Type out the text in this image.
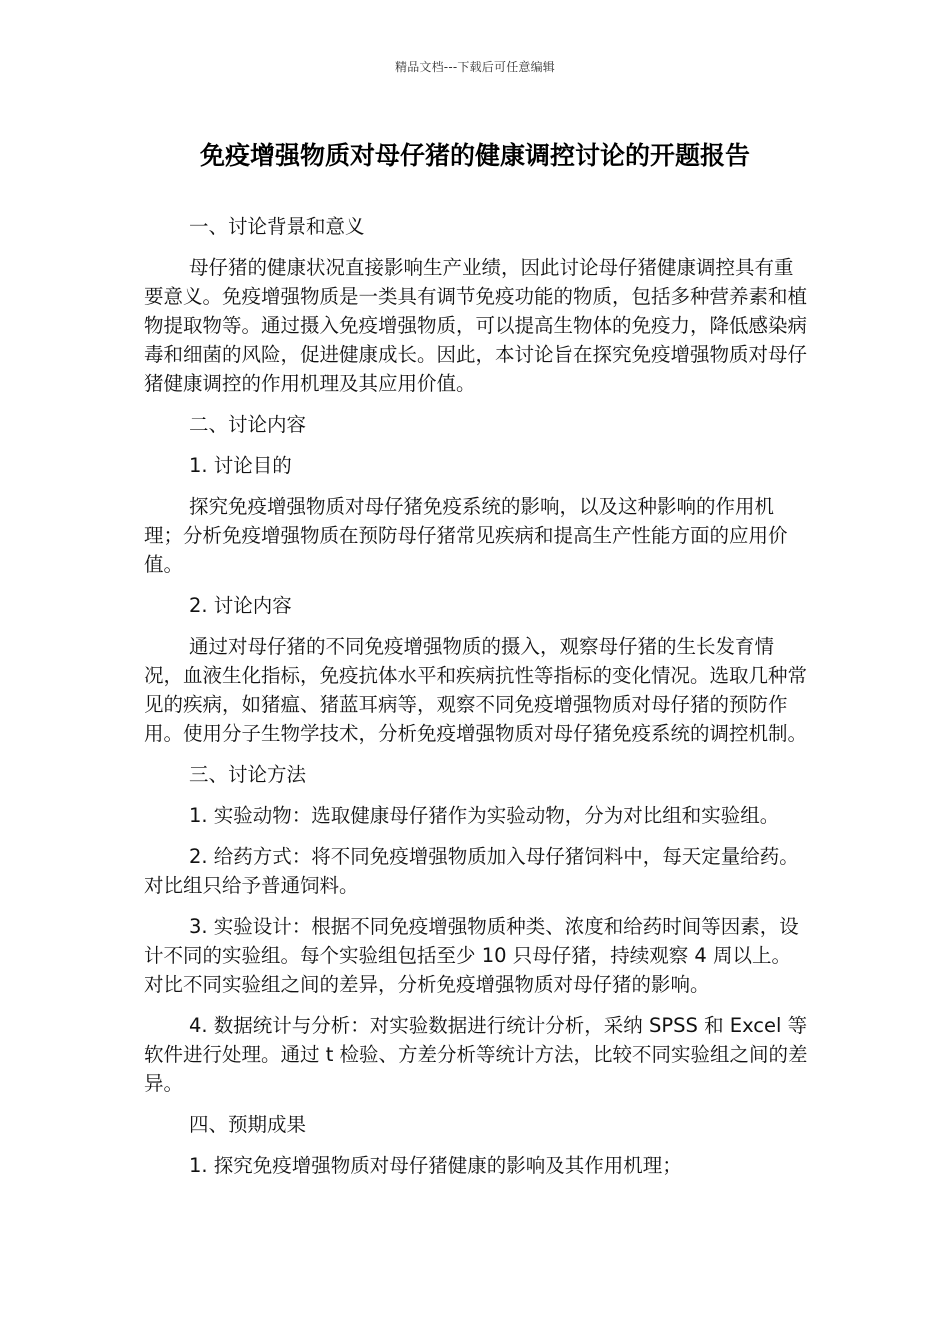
精品文档---下载后可任意编辑
免疫增强物质对母仔猪的健康调控讨论的开题报告

一、讨论背景和意义

母仔猪的健康状况直接影响生产业绩，因此讨论母仔猪健康调控具有重要意义。免疫增强物质是一类具有调节免疫功能的物质，包括多种营养素和植物提取物等。通过摄入免疫增强物质，可以提高生物体的免疫力，降低感染病毒和细菌的风险，促进健康成长。因此，本讨论旨在探究免疫增强物质对母仔猪健康调控的作用机理及其应用价值。

二、讨论内容

1. 讨论目的

探究免疫增强物质对母仔猪免疫系统的影响，以及这种影响的作用机理；分析免疫增强物质在预防母仔猪常见疾病和提高生产性能方面的应用价值。

2. 讨论内容

通过对母仔猪的不同免疫增强物质的摄入，观察母仔猪的生长发育情况，血液生化指标，免疫抗体水平和疾病抗性等指标的变化情况。选取几种常见的疾病，如猪瘟、猪蓝耳病等，观察不同免疫增强物质对母仔猪的预防作用。使用分子生物学技术，分析免疫增强物质对母仔猪免疫系统的调控机制。

三、讨论方法

1. 实验动物：选取健康母仔猪作为实验动物，分为对比组和实验组。

2. 给药方式：将不同免疫增强物质加入母仔猪饲料中，每天定量给药。对比组只给予普通饲料。

3. 实验设计：根据不同免疫增强物质种类、浓度和给药时间等因素，设计不同的实验组。每个实验组包括至少 10 只母仔猪，持续观察 4 周以上。对比不同实验组之间的差异，分析免疫增强物质对母仔猪的影响。

4. 数据统计与分析：对实验数据进行统计分析，采纳 SPSS 和 Excel 等软件进行处理。通过 t 检验、方差分析等统计方法，比较不同实验组之间的差异。

四、预期成果

1. 探究免疫增强物质对母仔猪健康的影响及其作用机理；
